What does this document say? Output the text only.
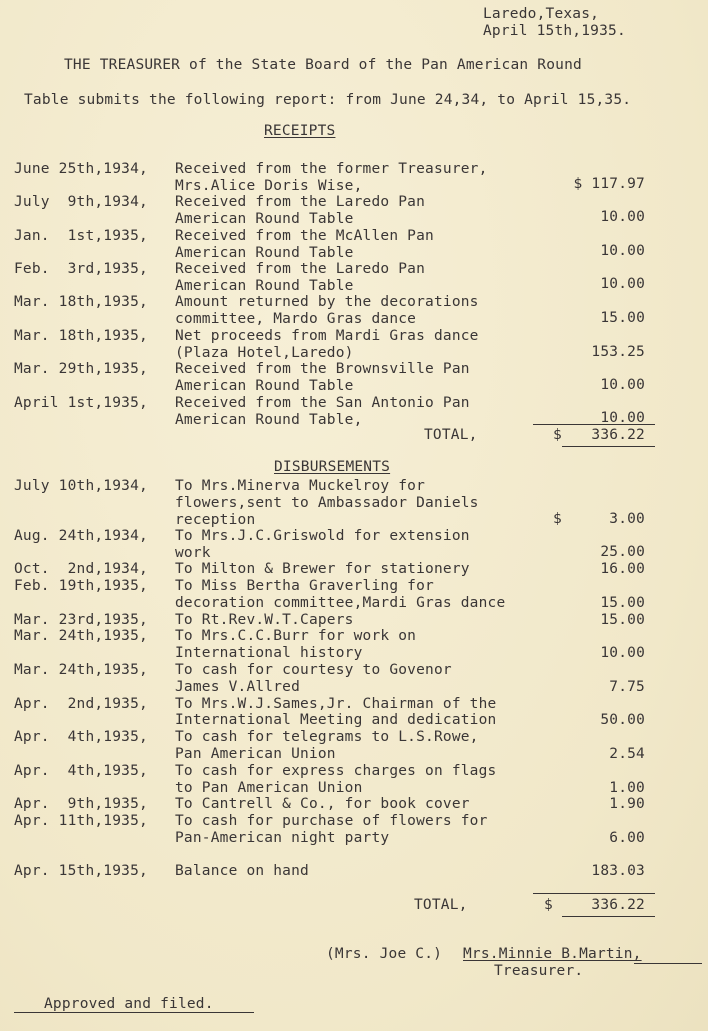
Laredo,Texas,
April 15th,1935.
THE TREASURER of the State Board of the Pan American Round
Table submits the following report: from June 24,34, to April 15,35.
RECEIPTS
June 25th,1934, Received from the former Treasurer,
Mrs.Alice Doris Wise,	$ 117.97
July  9th,1934, Received from the Laredo Pan
American Round Table	10.00
Jan.  1st,1935, Received from the McAllen Pan
American Round Table	10.00
Feb.  3rd,1935, Received from the Laredo Pan
American Round Table	10.00
Mar. 18th,1935, Amount returned by the decorations
committee, Mardo Gras dance	15.00
Mar. 18th,1935, Net proceeds from Mardi Gras dance
(Plaza Hotel,Laredo)	153.25
Mar. 29th,1935, Received from the Brownsville Pan
American Round Table	10.00
April 1st,1935, Received from the San Antonio Pan
American Round Table,	10.00
TOTAL,	$ 336.22
DISBURSEMENTS
July 10th,1934, To Mrs.Minerva Muckelroy for
flowers,sent to Ambassador Daniels
reception	$	3.00
Aug. 24th,1934, To Mrs.J.C.Griswold for extension
work	25.00
Oct.  2nd,1934, To Milton & Brewer for stationery	16.00
Feb. 19th,1935, To Miss Bertha Graverling for
decoration committee,Mardi Gras dance	15.00
Mar. 23rd,1935, To Rt.Rev.W.T.Capers	15.00
Mar. 24th,1935, To Mrs.C.C.Burr for work on
International history	10.00
Mar. 24th,1935, To cash for courtesy to Govenor
James V.Allred	7.75
Apr.  2nd,1935, To Mrs.W.J.Sames,Jr. Chairman of the
International Meeting and dedication	50.00
Apr.  4th,1935, To cash for telegrams to L.S.Rowe,
Pan American Union	2.54
Apr.  4th,1935, To cash for express charges on flags
to Pan American Union	1.00
Apr.  9th,1935, To Cantrell & Co., for book cover	1.90
Apr. 11th,1935, To cash for purchase of flowers for
Pan-American night party	6.00
Apr. 15th,1935, Balance on hand	183.03
TOTAL,	$	336.22
(Mrs. Joe C.) Mrs.Minnie B.Martin,
Treasurer.
Approved and filed.
